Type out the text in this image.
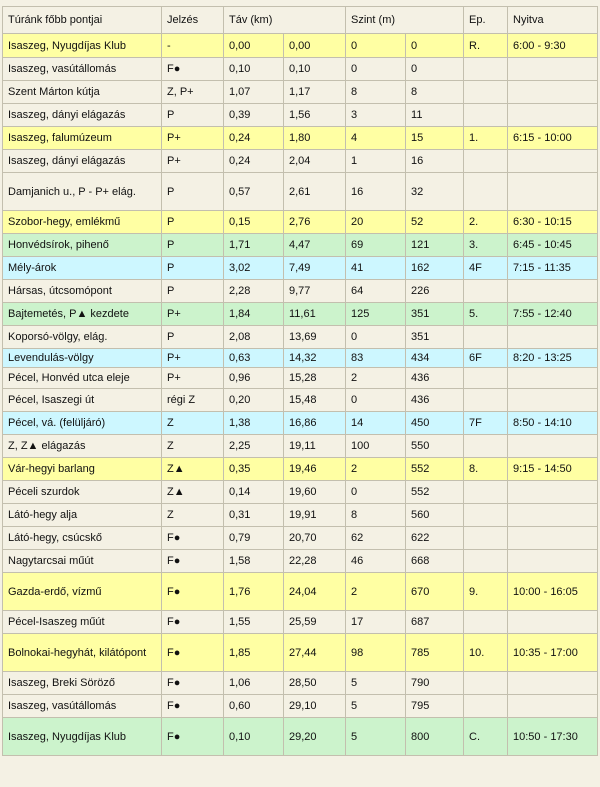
Túránk főbb pontjai	Jelzés	Táv (km)		Szint (m)		Ep.	Nyitva
Isaszeg, Nyugdíjas Klub	-	0,00	0,00	0	0	R.	6:00 - 9:30
Isaszeg, vasútállomás	F●	0,10	0,10	0	0		
Szent Márton kútja	Z, P+	1,07	1,17	8	8		
Isaszeg, dányi elágazás	P	0,39	1,56	3	11		
Isaszeg, falumúzeum	P+	0,24	1,80	4	15	1.	6:15 - 10:00
Isaszeg, dányi elágazás	P+	0,24	2,04	1	16		
Damjanich u., P - P+ elág.	P	0,57	2,61	16	32		
Szobor-hegy, emlékmű	P	0,15	2,76	20	52	2.	6:30 - 10:15
Honvédsírok, pihenő	P	1,71	4,47	69	121	3.	6:45 - 10:45
Mély-árok	P	3,02	7,49	41	162	4F	7:15 - 11:35
Hársas, útcsomópont	P	2,28	9,77	64	226		
Bajtemetés, P▲ kezdete	P+	1,84	11,61	125	351	5.	7:55 - 12:40
Koporsó-völgy, elág.	P	2,08	13,69	0	351		
Levendulás-völgy	P+	0,63	14,32	83	434	6F	8:20 - 13:25
Pécel, Honvéd utca eleje	P+	0,96	15,28	2	436		
Pécel, Isaszegi út	régi Z	0,20	15,48	0	436		
Pécel, vá. (felüljáró)	Z	1,38	16,86	14	450	7F	8:50 - 14:10
Z, Z▲ elágazás	Z	2,25	19,11	100	550		
Vár-hegyi barlang	Z▲	0,35	19,46	2	552	8.	9:15 - 14:50
Péceli szurdok	Z▲	0,14	19,60	0	552		
Látó-hegy alja	Z	0,31	19,91	8	560		
Látó-hegy, csúcskő	F●	0,79	20,70	62	622		
Nagytarcsai műút	F●	1,58	22,28	46	668		
Gazda-erdő, vízmű	F●	1,76	24,04	2	670	9.	10:00 - 16:05
Pécel-Isaszeg műút	F●	1,55	25,59	17	687		
Bolnokai-hegyhát, kilátópont	F●	1,85	27,44	98	785	10.	10:35 - 17:00
Isaszeg, Breki Söröző	F●	1,06	28,50	5	790		
Isaszeg, vasútállomás	F●	0,60	29,10	5	795		
Isaszeg, Nyugdíjas Klub	F●	0,10	29,20	5	800	C.	10:50 - 17:30
